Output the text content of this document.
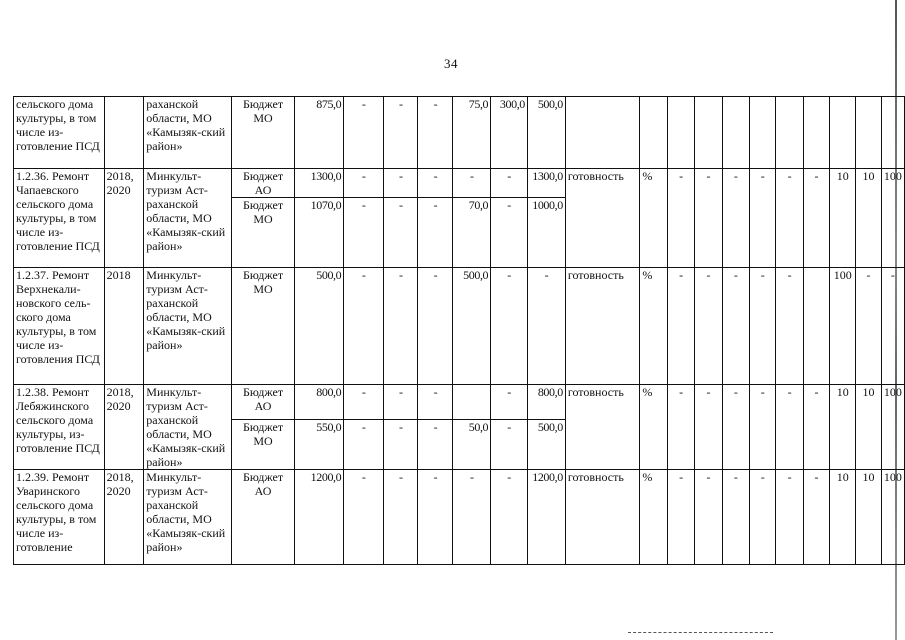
34
сельского дома культуры, в том числе из-готовление ПСД		раханской области, МО «Камызяк-ский район»	Бюджет МО	875,0	-	-	-	75,0	300,0	500,0											

1.2.36. Ремонт Чапаевского сельского дома культуры, в том числе из-готовление ПСД	2018, 2020	Минкульт-туризм Аст-раханской области, МО «Камызяк-ский район»	Бюджет АО	1300,0	-	-	-	-	-	1300,0	готовность	%	-	-	-	-	-	-	10	10	100

			Бюджет МО	1070,0	-	-	-	70,0	-	1000,0											

1.2.37. Ремонт Верхнекали-новского сель-ского дома культуры, в том числе из-готовления ПСД	2018	Минкульт-туризм Аст-раханской области, МО «Камызяк-ский район»	Бюджет МО	500,0	-	-	-	500,0	-	-	готовность	%	-	-	-	-	-		100	-	-

1.2.38. Ремонт Лебяжинского сельского дома культуры, из-готовление ПСД	2018, 2020	Минкульт-туризм Аст-раханской области, МО «Камызяк-ский район»	Бюджет АО	800,0	-	-	-		-	800,0	готовность	%	-	-	-	-	-	-	10	10	100

			Бюджет МО	550,0	-	-	-	50,0	-	500,0											

1.2.39. Ремонт Уваринского сельского дома культуры, в том числе из-готовление	2018, 2020	Минкульт-туризм Аст-раханской области, МО «Камызяк-ский район»	Бюджет АО	1200,0	-	-	-	-	-	1200,0	готовность	%	-	-	-	-	-	-	10	10	100
